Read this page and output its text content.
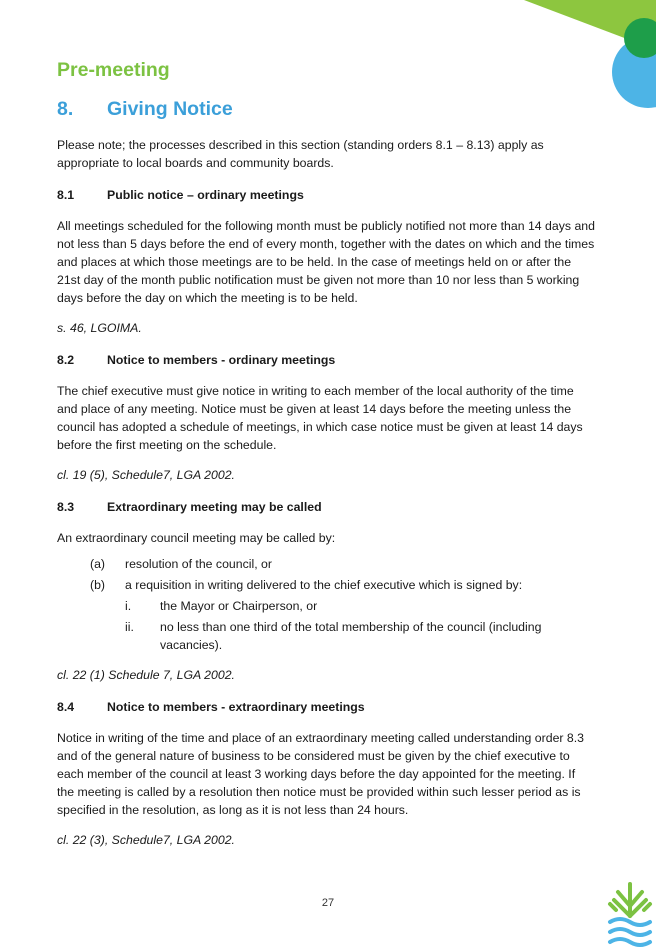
Pre-meeting
8.	Giving Notice

Please note; the processes described in this section (standing orders 8.1 – 8.13) apply as appropriate to local boards and community boards.

8.1	Public notice – ordinary meetings

All meetings scheduled for the following month must be publicly notified not more than 14 days and not less than 5 days before the end of every month, together with the dates on which and the times and places at which those meetings are to be held. In the case of meetings held on or after the 21st day of the month public notification must be given not more than 10 nor less than 5 working days before the day on which the meeting is to be held.

s. 46, LGOIMA.

8.2	Notice to members - ordinary meetings

The chief executive must give notice in writing to each member of the local authority of the time and place of any meeting. Notice must be given at least 14 days before the meeting unless the council has adopted a schedule of meetings, in which case notice must be given at least 14 days before the first meeting on the schedule.

cl. 19 (5), Schedule7, LGA 2002.

8.3	Extraordinary meeting may be called

An extraordinary council meeting may be called by:

(a)	resolution of the council, or
(b)	a requisition in writing delivered to the chief executive which is signed by:
i.	the Mayor or Chairperson, or
ii.	no less than one third of the total membership of the council (including vacancies).

cl. 22 (1) Schedule 7, LGA 2002.

8.4	Notice to members - extraordinary meetings

Notice in writing of the time and place of an extraordinary meeting called understanding order 8.3 and of the general nature of business to be considered must be given by the chief executive to each member of the council at least 3 working days before the day appointed for the meeting. If the meeting is called by a resolution then notice must be provided within such lesser period as is specified in the resolution, as long as it is not less than 24 hours.

cl. 22 (3), Schedule7, LGA 2002.

27
